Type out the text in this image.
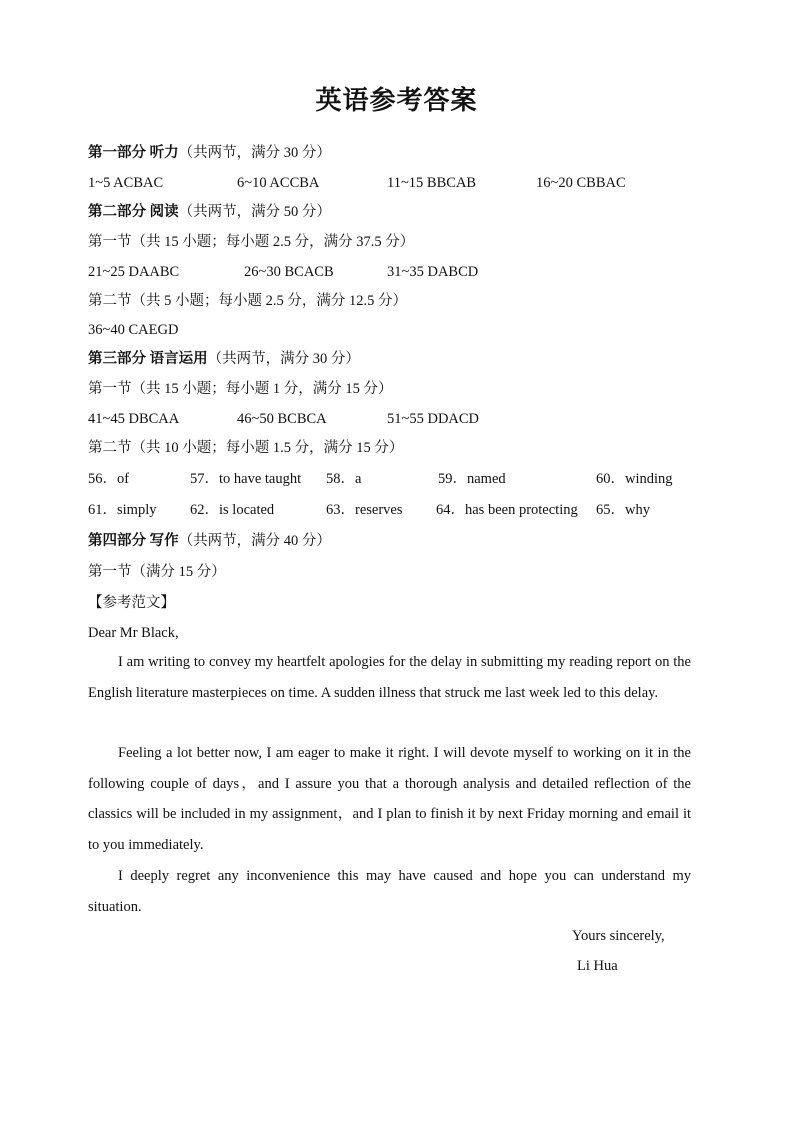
英语参考答案
第一部分 听力（共两节，满分 30 分）
1~5 ACBAC	6~10 ACCBA	11~15 BBCAB	16~20 CBBAC
第二部分 阅读（共两节，满分 50 分）
第一节（共 15 小题；每小题 2.5 分，满分 37.5 分）
21~25 DAABC	26~30 BCACB	31~35 DABCD
第二节（共 5 小题；每小题 2.5 分，满分 12.5 分）
36~40 CAEGD
第三部分 语言运用（共两节，满分 30 分）
第一节（共 15 小题；每小题 1 分，满分 15 分）
41~45 DBCAA	46~50 BCBCA	51~55 DDACD
第二节（共 10 小题；每小题 1.5 分，满分 15 分）
56．of	57．to have taught 58．a	59．named	60．winding
61．simply 62．is located	63．reserves 64．has been protecting 65．why
第四部分 写作（共两节，满分 40 分）
第一节（满分 15 分）
【参考范文】
Dear Mr Black,
I am writing to convey my heartfelt apologies for the delay in submitting my reading report on the English literature masterpieces on time. A sudden illness that struck me last week led to this delay.
Feeling a lot better now, I am eager to make it right. I will devote myself to working on it in the following couple of days，and I assure you that a thorough analysis and detailed reflection of the classics will be included in my assignment，and I plan to finish it by next Friday morning and email it to you immediately.
I deeply regret any inconvenience this may have caused and hope you can understand my situation.
Yours sincerely,
Li Hua
